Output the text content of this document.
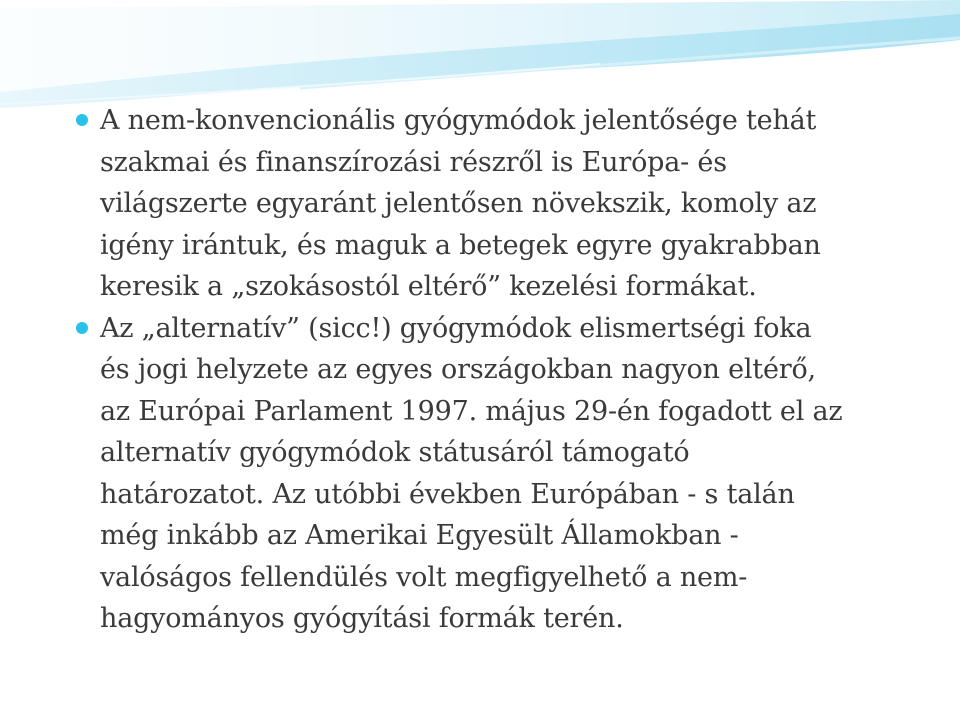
A nem-konvencionális gyógymódok jelentősége tehát
szakmai és finanszírozási részről is Európa- és
világszerte egyaránt jelentősen növekszik, komoly az
igény irántuk, és maguk a betegek egyre gyakrabban
keresik a „szokásostól eltérő” kezelési formákat.
Az „alternatív” (sicc!) gyógymódok elismertségi foka
és jogi helyzete az egyes országokban nagyon eltérő,
az Európai Parlament 1997. május 29-én fogadott el az
alternatív gyógymódok státusáról támogató
határozatot. Az utóbbi években Európában - s talán
még inkább az Amerikai Egyesült Államokban -
valóságos fellendülés volt megfigyelhető a nem-
hagyományos gyógyítási formák terén.
